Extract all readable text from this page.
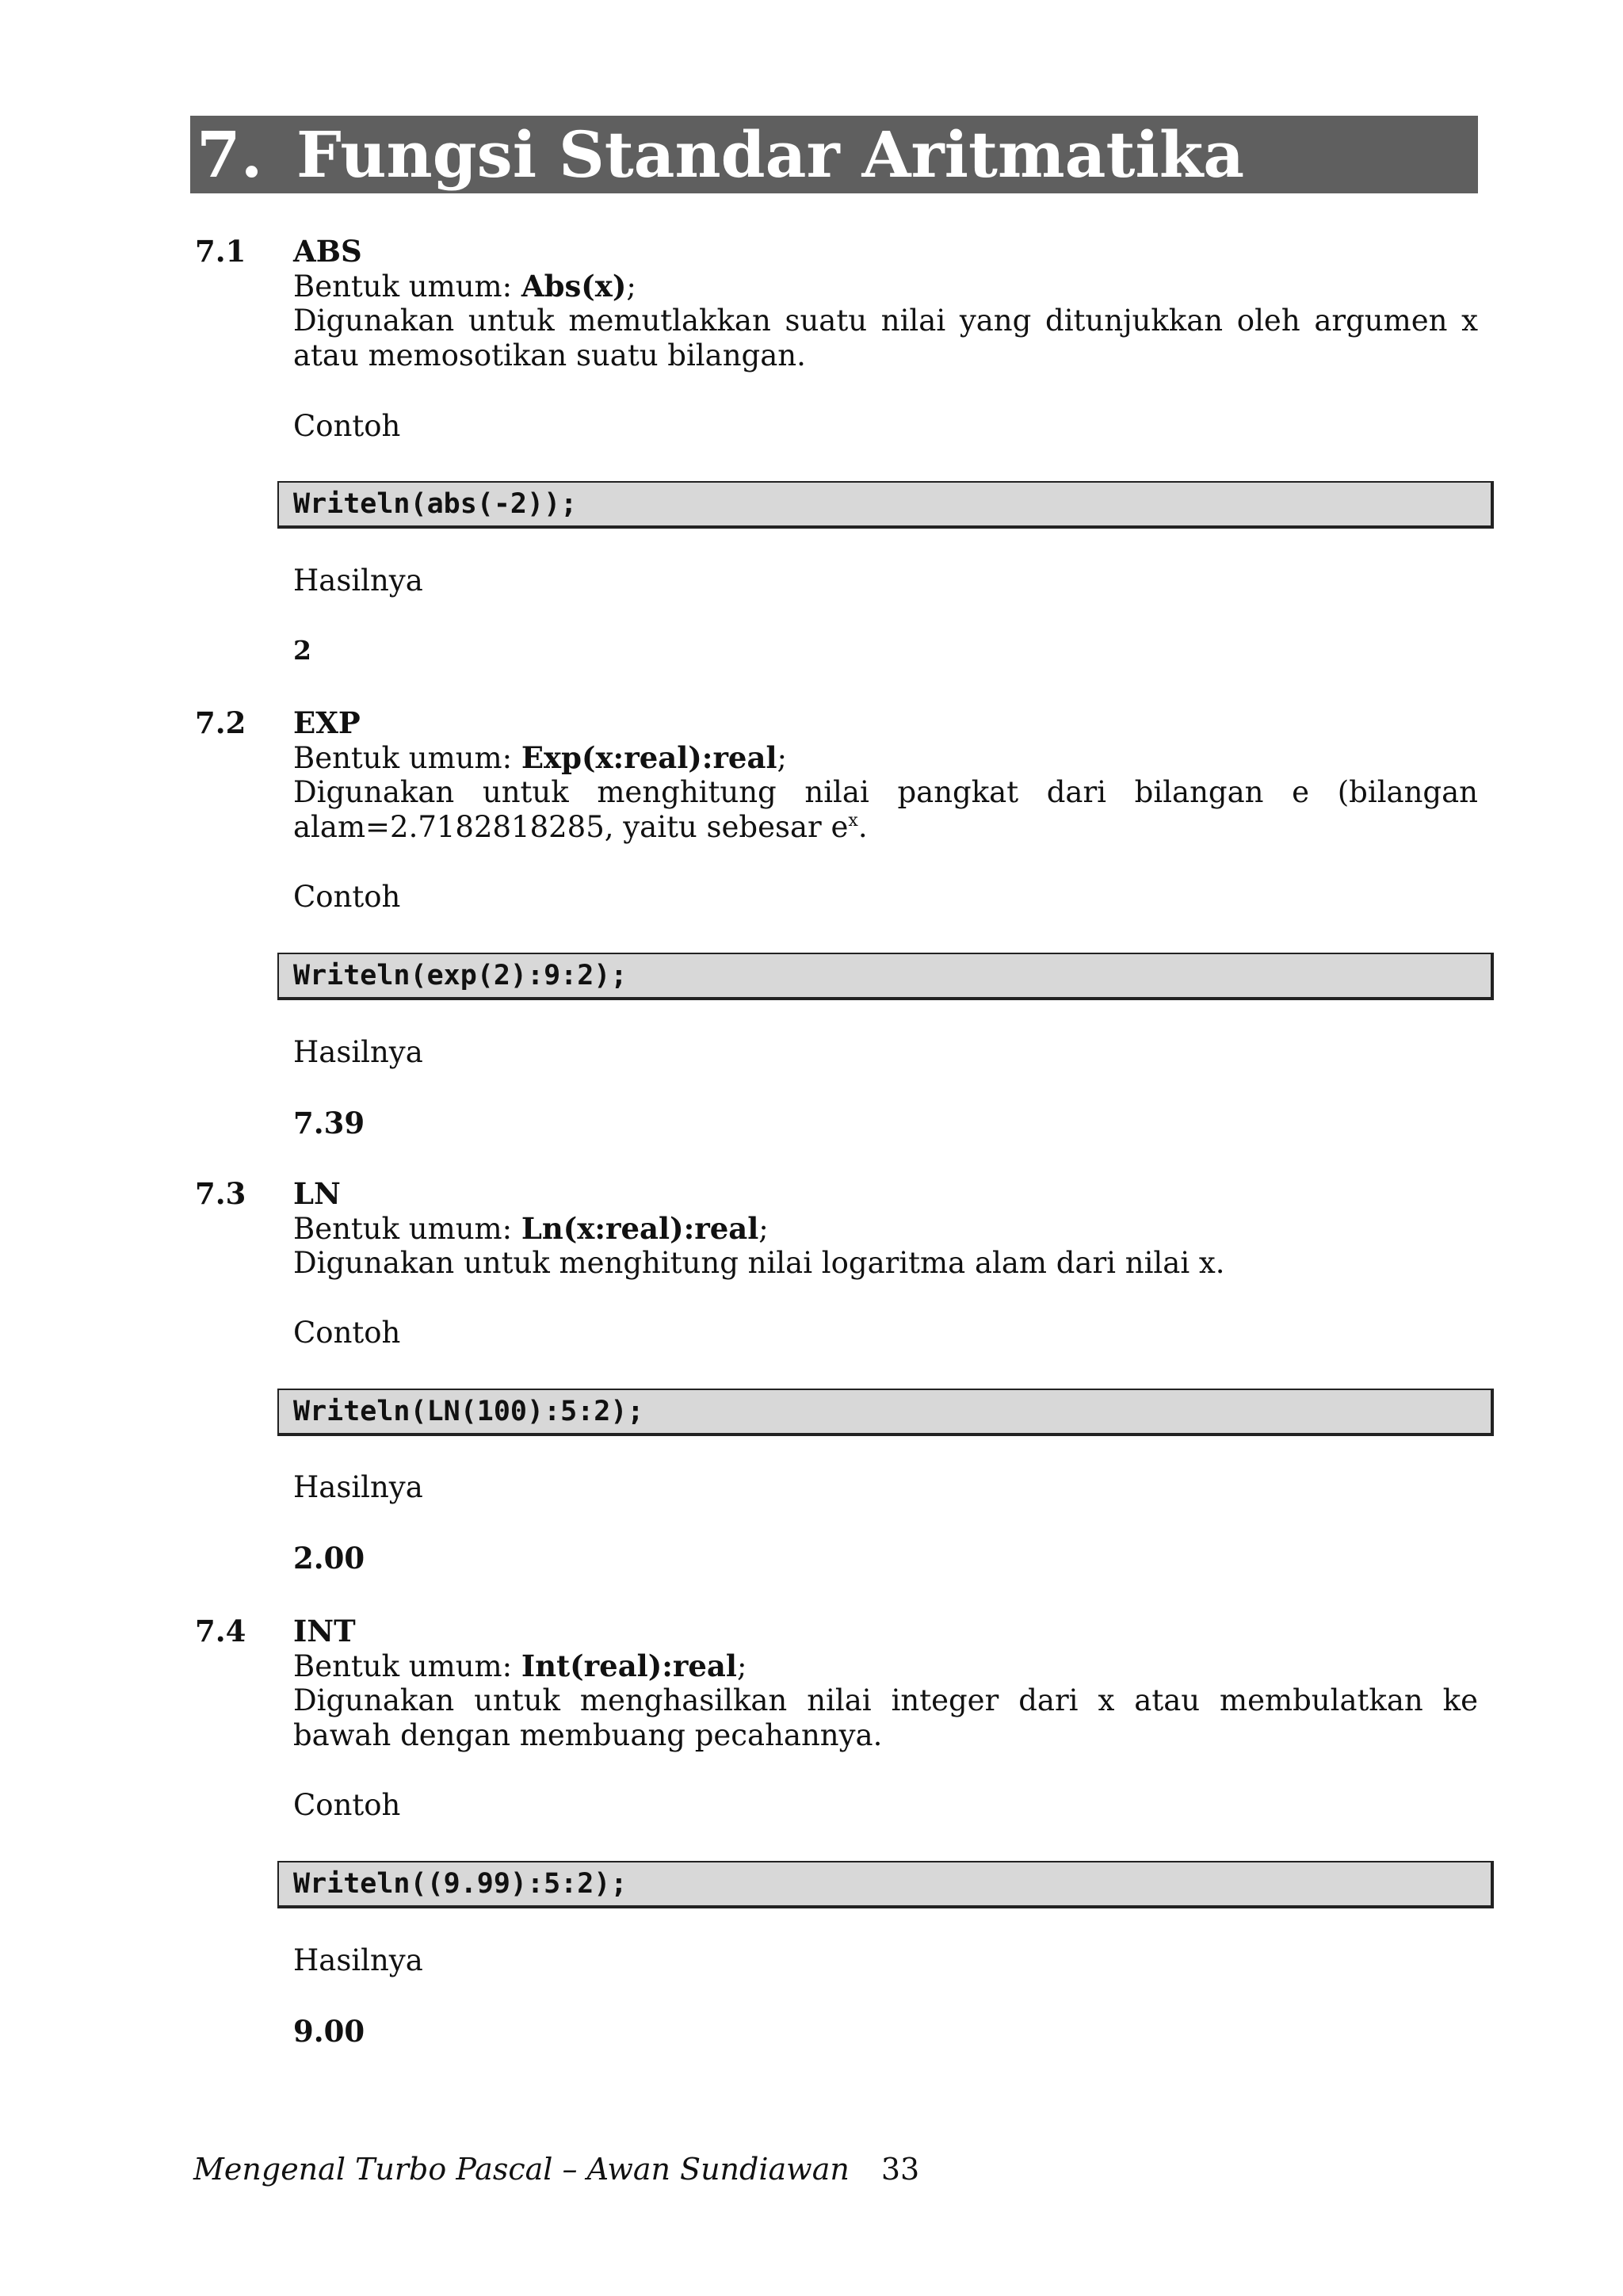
7. Fungsi Standar Aritmatika
7.1 ABS
Bentuk umum: Abs(x);
Digunakan untuk memutlakkan suatu nilai yang ditunjukkan oleh argumen x atau memosotikan suatu bilangan.
Contoh
Writeln(abs(-2));
Hasilnya
2
7.2 EXP
Bentuk umum: Exp(x:real):real;
Digunakan untuk menghitung nilai pangkat dari bilangan e (bilangan
alam=2.7182818285, yaitu sebesar $e^x$.
Contoh
Writeln(exp(2):9:2);
Hasilnya
7.39
7.3 LN
Bentuk umum: Ln(x:real):real;
Digunakan untuk menghitung nilai logaritma alam dari nilai x.
Contoh
Writeln(LN(100):5:2);
Hasilnya
2.00
7.4 INT
Bentuk umum: Int(real):real;
Digunakan untuk menghasilkan nilai integer dari x atau membulatkan ke bawah dengan membuang pecahannya.
Contoh
Writeln((9.99):5:2);
Hasilnya
9.00
Mengenal Turbo Pascal – Awan Sundiawan 33
